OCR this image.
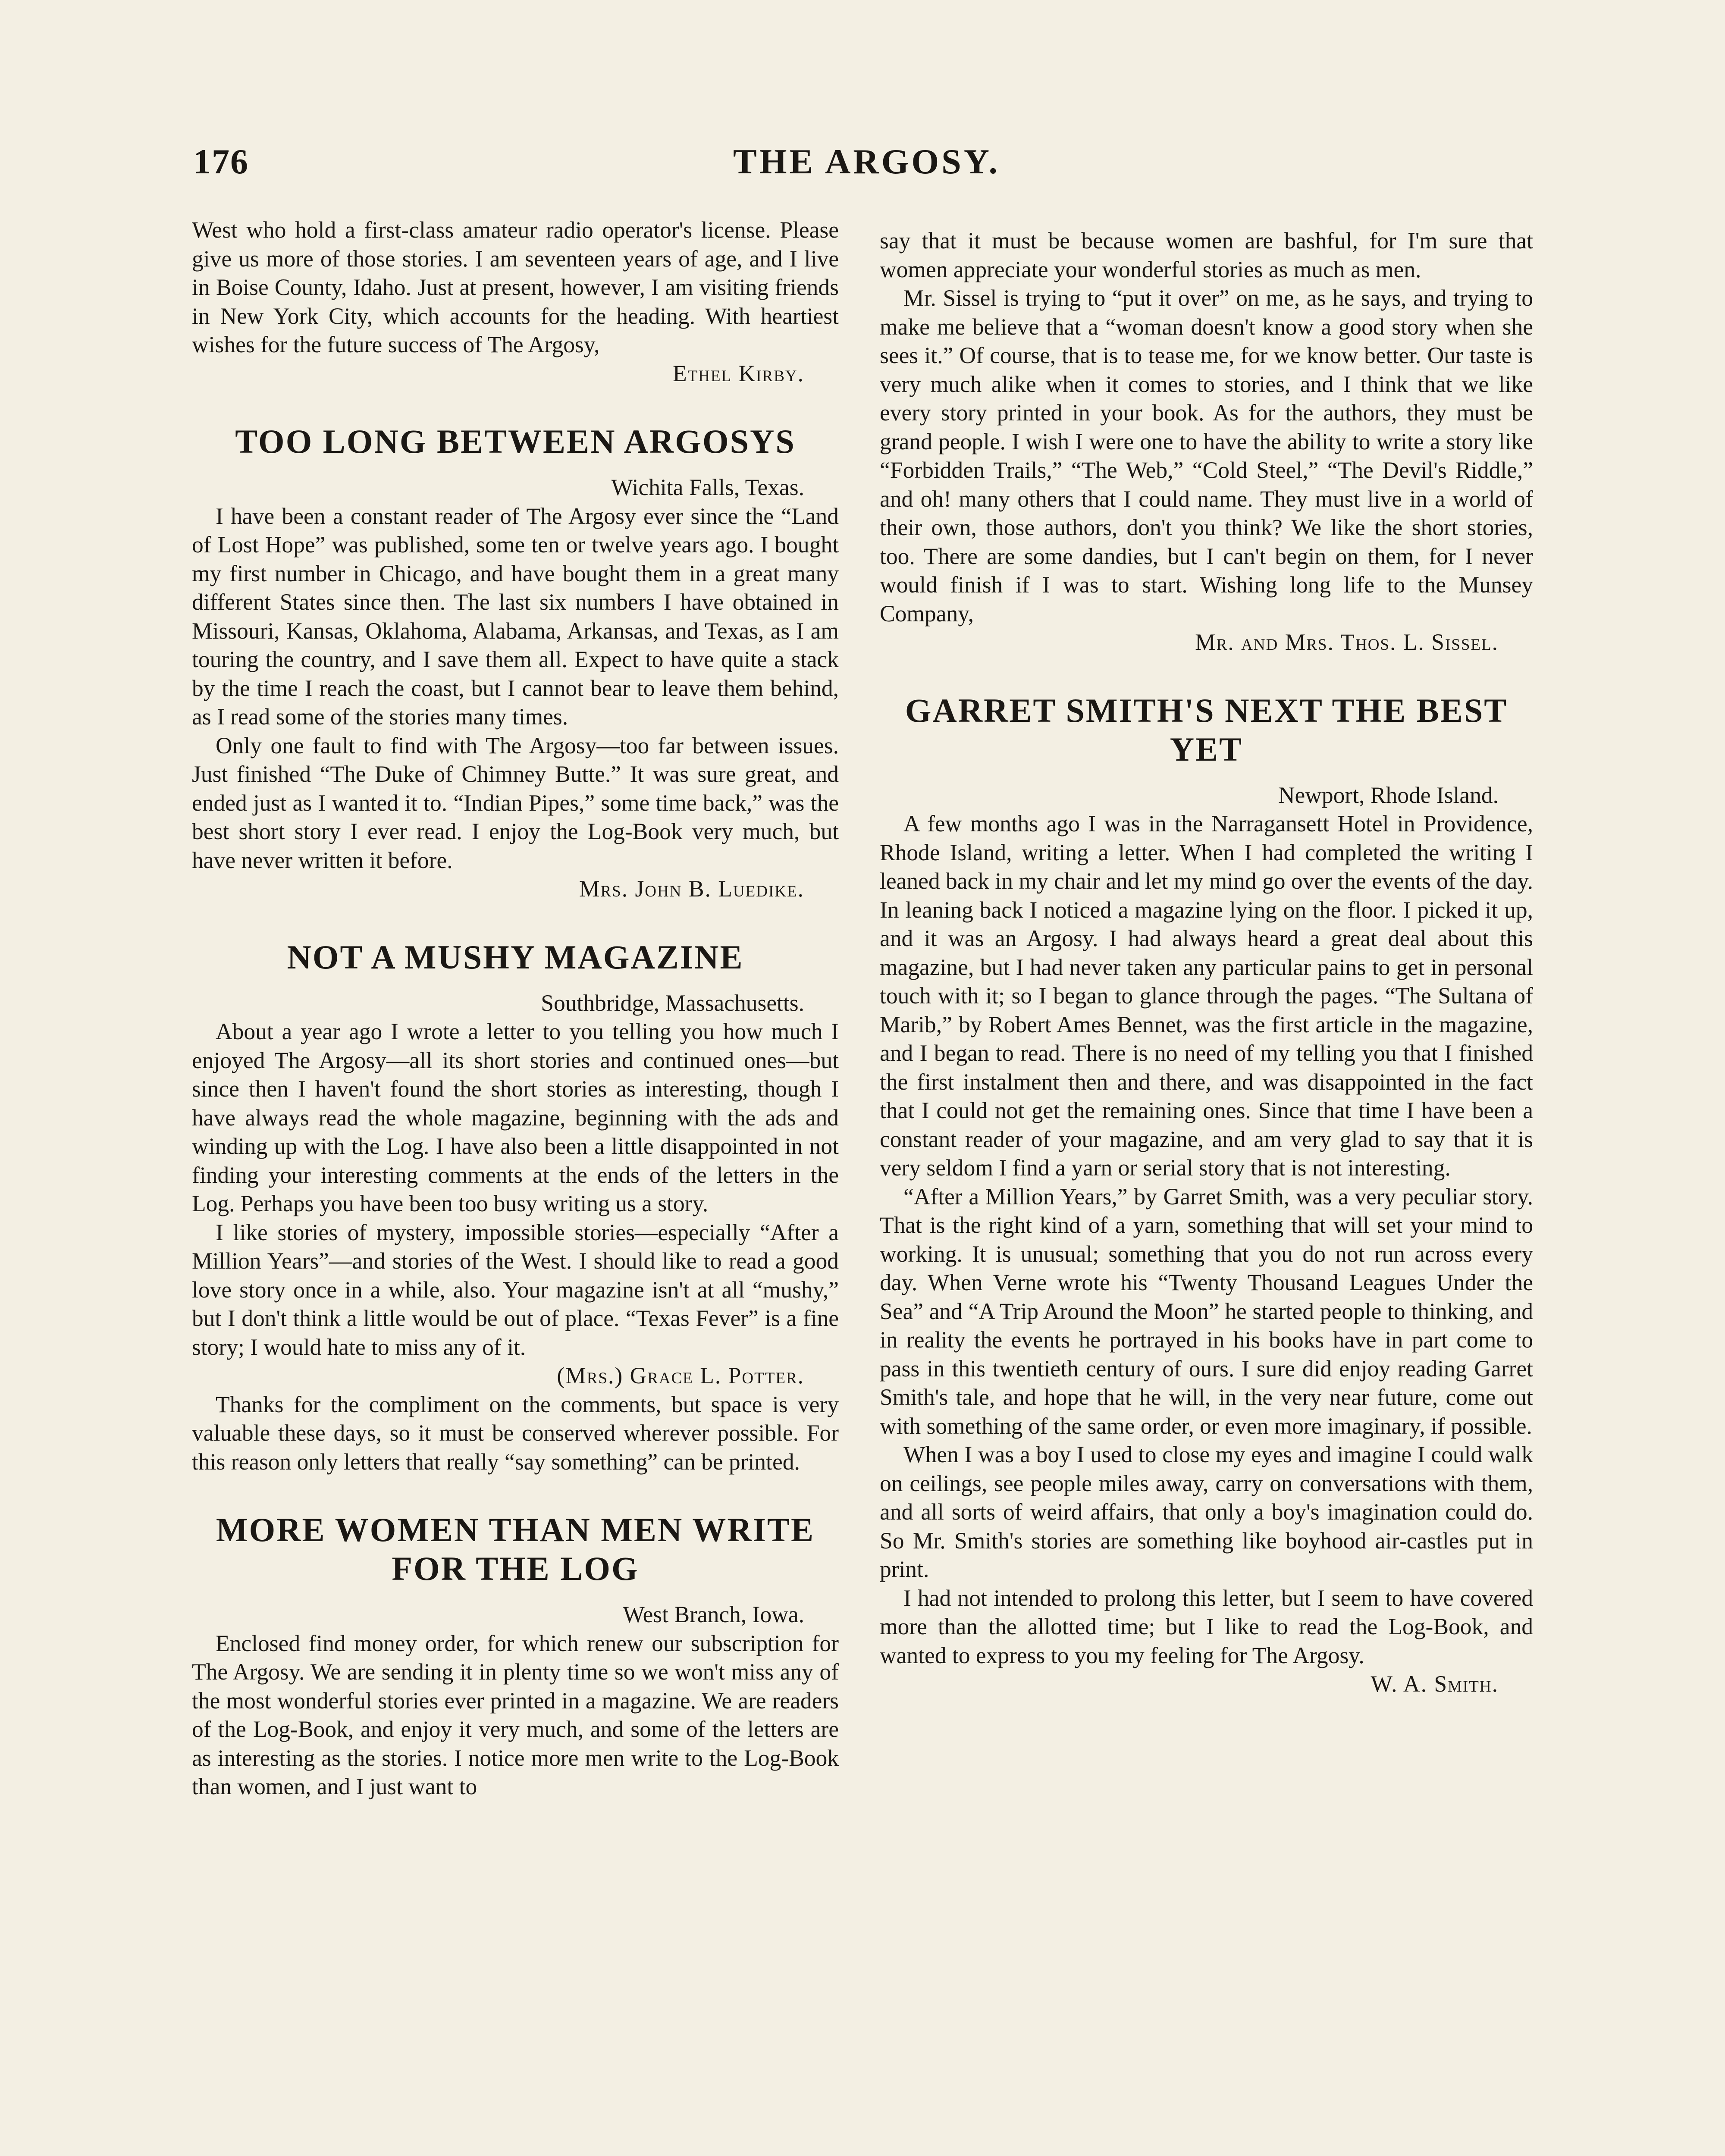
176	THE ARGOSY.

West who hold a first-class amateur radio operator's license. Please give us more of those stories. I am seventeen years of age, and I live in Boise County, Idaho. Just at present, however, I am visiting friends in New York City, which accounts for the heading. With heartiest wishes for the future success of The Argosy,

Ethel Kirby.

TOO LONG BETWEEN ARGOSYS

Wichita Falls, Texas.

I have been a constant reader of The Argosy ever since the “Land of Lost Hope” was published, some ten or twelve years ago. I bought my first number in Chicago, and have bought them in a great many different States since then. The last six numbers I have obtained in Missouri, Kansas, Oklahoma, Alabama, Arkansas, and Texas, as I am touring the country, and I save them all. Expect to have quite a stack by the time I reach the coast, but I cannot bear to leave them behind, as I read some of the stories many times.

Only one fault to find with The Argosy—too far between issues. Just finished “The Duke of Chimney Butte.” It was sure great, and ended just as I wanted it to. “Indian Pipes,” some time back,” was the best short story I ever read. I enjoy the Log-Book very much, but have never written it before.

Mrs. John B. Luedike.

NOT A MUSHY MAGAZINE

Southbridge, Massachusetts.

About a year ago I wrote a letter to you telling you how much I enjoyed The Argosy—all its short stories and continued ones—but since then I haven't found the short stories as interesting, though I have always read the whole magazine, beginning with the ads and winding up with the Log. I have also been a little disappointed in not finding your interesting comments at the ends of the letters in the Log. Perhaps you have been too busy writing us a story.

I like stories of mystery, impossible stories—especially “After a Million Years”—and stories of the West. I should like to read a good love story once in a while, also. Your magazine isn't at all “mushy,” but I don't think a little would be out of place. “Texas Fever” is a fine story; I would hate to miss any of it.

(Mrs.) Grace L. Potter.

Thanks for the compliment on the comments, but space is very valuable these days, so it must be conserved wherever possible. For this reason only letters that really “say something” can be printed.

MORE WOMEN THAN MEN WRITE FOR THE LOG

West Branch, Iowa.

Enclosed find money order, for which renew our subscription for The Argosy. We are sending it in plenty time so we won't miss any of the most wonderful stories ever printed in a magazine. We are readers of the Log-Book, and enjoy it very much, and some of the letters are as interesting as the stories. I notice more men write to the Log-Book than women, and I just want to

say that it must be because women are bashful, for I'm sure that women appreciate your wonderful stories as much as men.

Mr. Sissel is trying to “put it over” on me, as he says, and trying to make me believe that a “woman doesn't know a good story when she sees it.” Of course, that is to tease me, for we know better. Our taste is very much alike when it comes to stories, and I think that we like every story printed in your book. As for the authors, they must be grand people. I wish I were one to have the ability to write a story like “Forbidden Trails,” “The Web,” “Cold Steel,” “The Devil's Riddle,” and oh! many others that I could name. They must live in a world of their own, those authors, don't you think? We like the short stories, too. There are some dandies, but I can't begin on them, for I never would finish if I was to start. Wishing long life to the Munsey Company,

Mr. and Mrs. Thos. L. Sissel.

GARRET SMITH'S NEXT THE BEST YET

Newport, Rhode Island.

A few months ago I was in the Narragansett Hotel in Providence, Rhode Island, writing a letter. When I had completed the writing I leaned back in my chair and let my mind go over the events of the day. In leaning back I noticed a magazine lying on the floor. I picked it up, and it was an Argosy. I had always heard a great deal about this magazine, but I had never taken any particular pains to get in personal touch with it; so I began to glance through the pages. “The Sultana of Marib,” by Robert Ames Bennet, was the first article in the magazine, and I began to read. There is no need of my telling you that I finished the first instalment then and there, and was disappointed in the fact that I could not get the remaining ones. Since that time I have been a constant reader of your magazine, and am very glad to say that it is very seldom I find a yarn or serial story that is not interesting.

“After a Million Years,” by Garret Smith, was a very peculiar story. That is the right kind of a yarn, something that will set your mind to working. It is unusual; something that you do not run across every day. When Verne wrote his “Twenty Thousand Leagues Under the Sea” and “A Trip Around the Moon” he started people to thinking, and in reality the events he portrayed in his books have in part come to pass in this twentieth century of ours. I sure did enjoy reading Garret Smith's tale, and hope that he will, in the very near future, come out with something of the same order, or even more imaginary, if possible.

When I was a boy I used to close my eyes and imagine I could walk on ceilings, see people miles away, carry on conversations with them, and all sorts of weird affairs, that only a boy's imagination could do. So Mr. Smith's stories are something like boyhood air-castles put in print.

I had not intended to prolong this letter, but I seem to have covered more than the allotted time; but I like to read the Log-Book, and wanted to express to you my feeling for The Argosy.

W. A. Smith.
